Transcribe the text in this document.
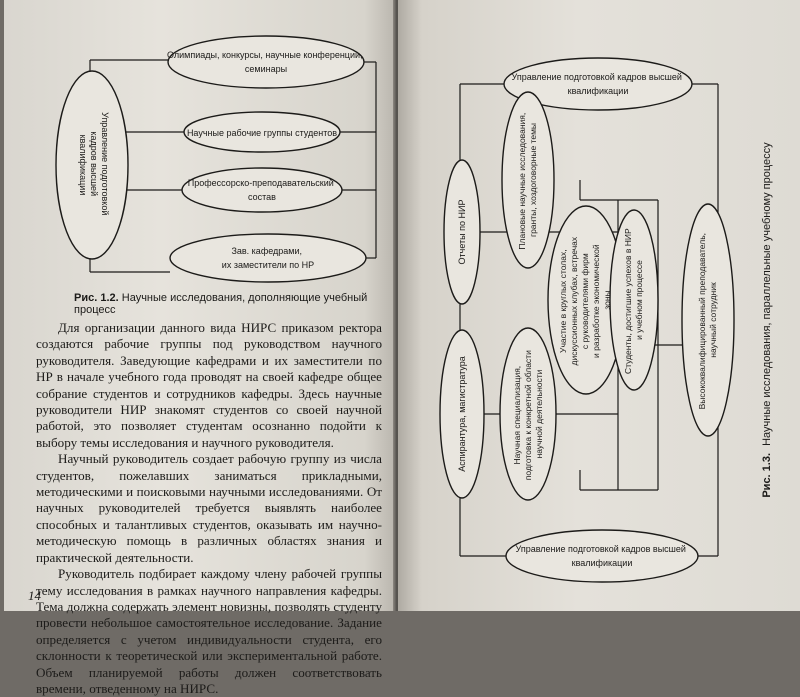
Управление подготовкой кадров высшей квалификации
Олимпиады, конкурсы, научные конференции, семинары
Научные рабочие группы студентов
Профессорско-преподавательский состав
Зав. кафедрами, их заместители по НР
Рис. 1.2. Научные исследования, дополняющие учебный процесс

Для организации данного вида НИРС приказом ректора создаются рабочие группы под руководством научного руководителя. Заведующие кафедрами и их заместители по НР в начале учебного года проводят на своей кафедре общее собрание студентов и сотрудников кафедры. Здесь научные руководители НИР знакомят студентов со своей научной работой, это позволяет студентам осознанно подойти к выбору темы исследования и научного руководителя.

Научный руководитель создает рабочую группу из числа студентов, пожелавших заниматься прикладными, методическими и поисковыми научными исследованиями. От научных руководителей требуется выявлять наиболее способных и талантливых студентов, оказывать им научно-методическую помощь в различных областях знания и практической деятельности.

Руководитель подбирает каждому члену рабочей группы тему исследования в рамках научного направления кафедры. Тема должна содержать элемент новизны, позволять студенту провести небольшое самостоятельное исследование. Задание определяется с учетом индивидуальности студента, его склонности к теоретической или экспериментальной работе. Объем планируемой работы должен соответствовать времени, отведенному на НИРС.

14
Управление подготовкой кадров высшей квалификации
Управление подготовкой кадров высшей квалификации
Отчеты по НИР	Плановые научные исследования, гранты, хоздоговорные темы
Участие в круглых столах, дискуссионных клубах, встречах с руководителями фирм и разработке экономической зоны Студенты, достигшие успехов в НИР и учебном процессе	Высококвалифицированный преподаватель, научный сотрудник
Аспирантура, магистратура	Научная специализация, подготовка к конкретной области научной деятельности
Рис. 1.3. Научные исследования, параллельные учебному процессу
